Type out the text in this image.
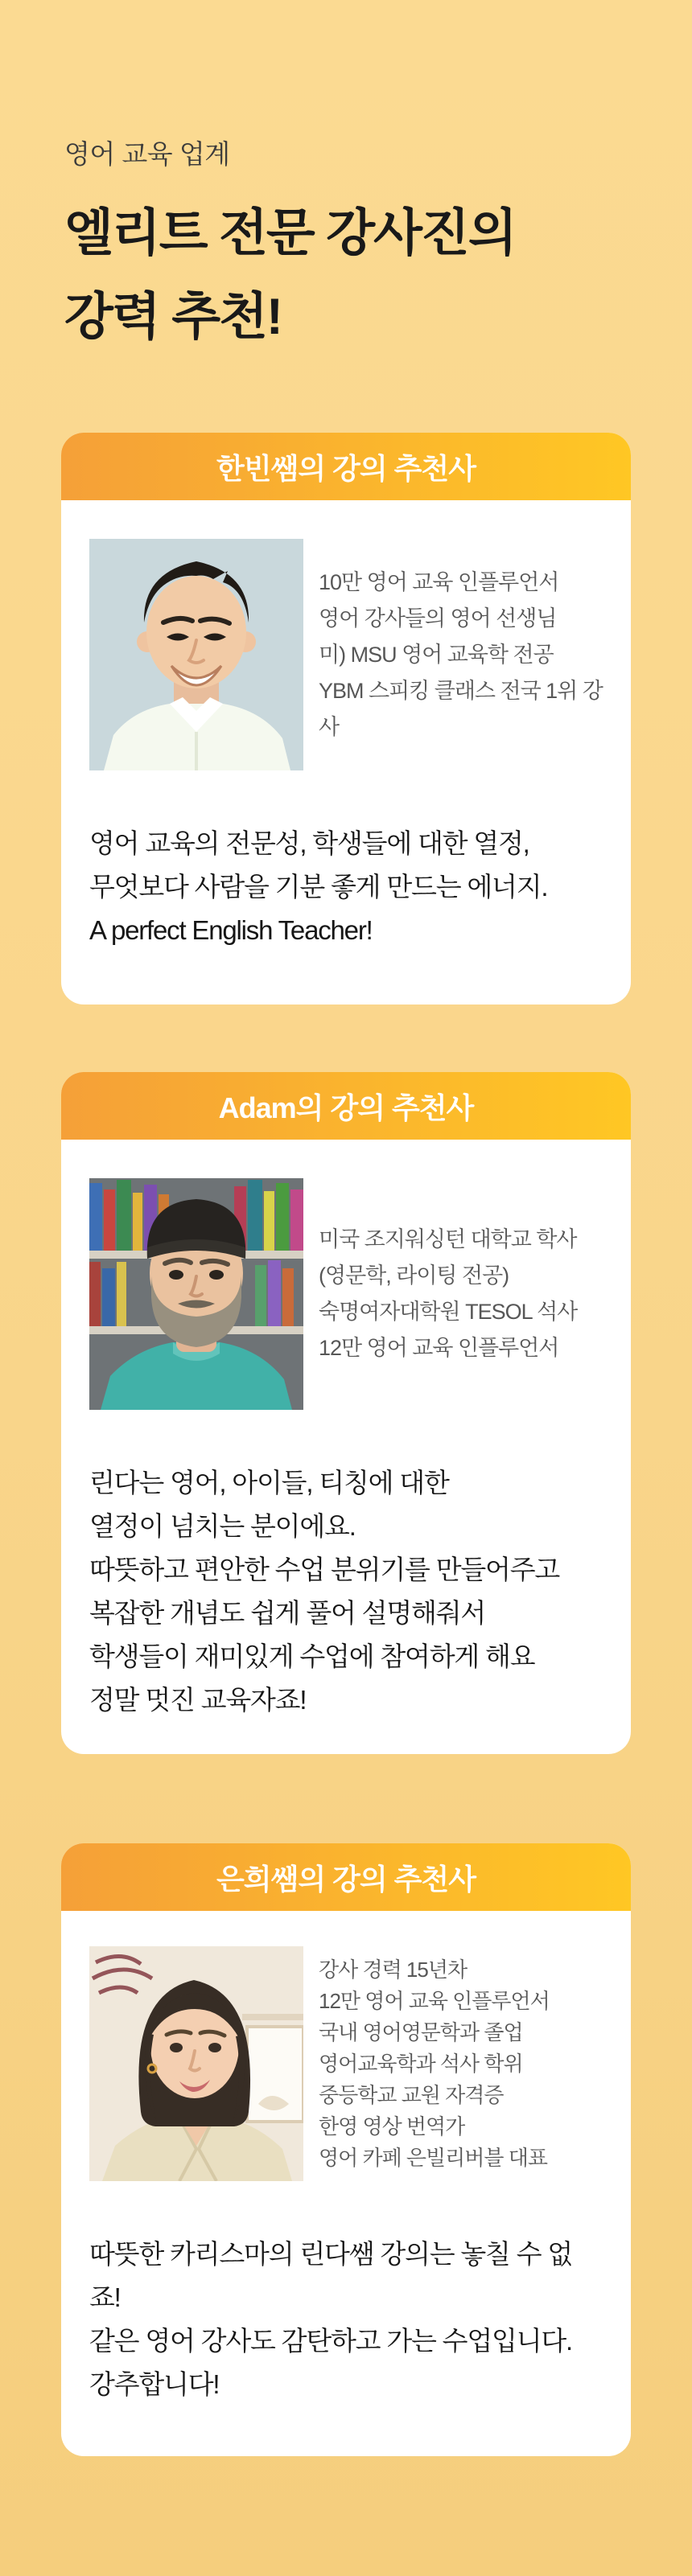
영어 교육 업계
엘리트 전문 강사진의
강력 추천!
한빈쌤의 강의 추천사
10만 영어 교육 인플루언서
영어 강사들의 영어 선생님
미) MSU 영어 교육학 전공
YBM 스피킹 클래스 전국 1위 강사
영어 교육의 전문성, 학생들에 대한 열정,
무엇보다 사람을 기분 좋게 만드는 에너지.
A perfect English Teacher!
Adam의 강의 추천사
미국 조지워싱턴 대학교 학사
(영문학, 라이팅 전공)
숙명여자대학원 TESOL 석사
12만 영어 교육 인플루언서
린다는 영어, 아이들, 티칭에 대한
열정이 넘치는 분이에요.
따뜻하고 편안한 수업 분위기를 만들어주고
복잡한 개념도 쉽게 풀어 설명해줘서
학생들이 재미있게 수업에 참여하게 해요
정말 멋진 교육자죠!
은희쌤의 강의 추천사
강사 경력 15년차
12만 영어 교육 인플루언서
국내 영어영문학과 졸업
영어교육학과 석사 학위
중등학교 교원 자격증
한영 영상 번역가
영어 카페 은빌리버블 대표
따뜻한 카리스마의 린다쌤 강의는 놓칠 수 없죠!
같은 영어 강사도 감탄하고 가는 수업입니다.
강추합니다!
